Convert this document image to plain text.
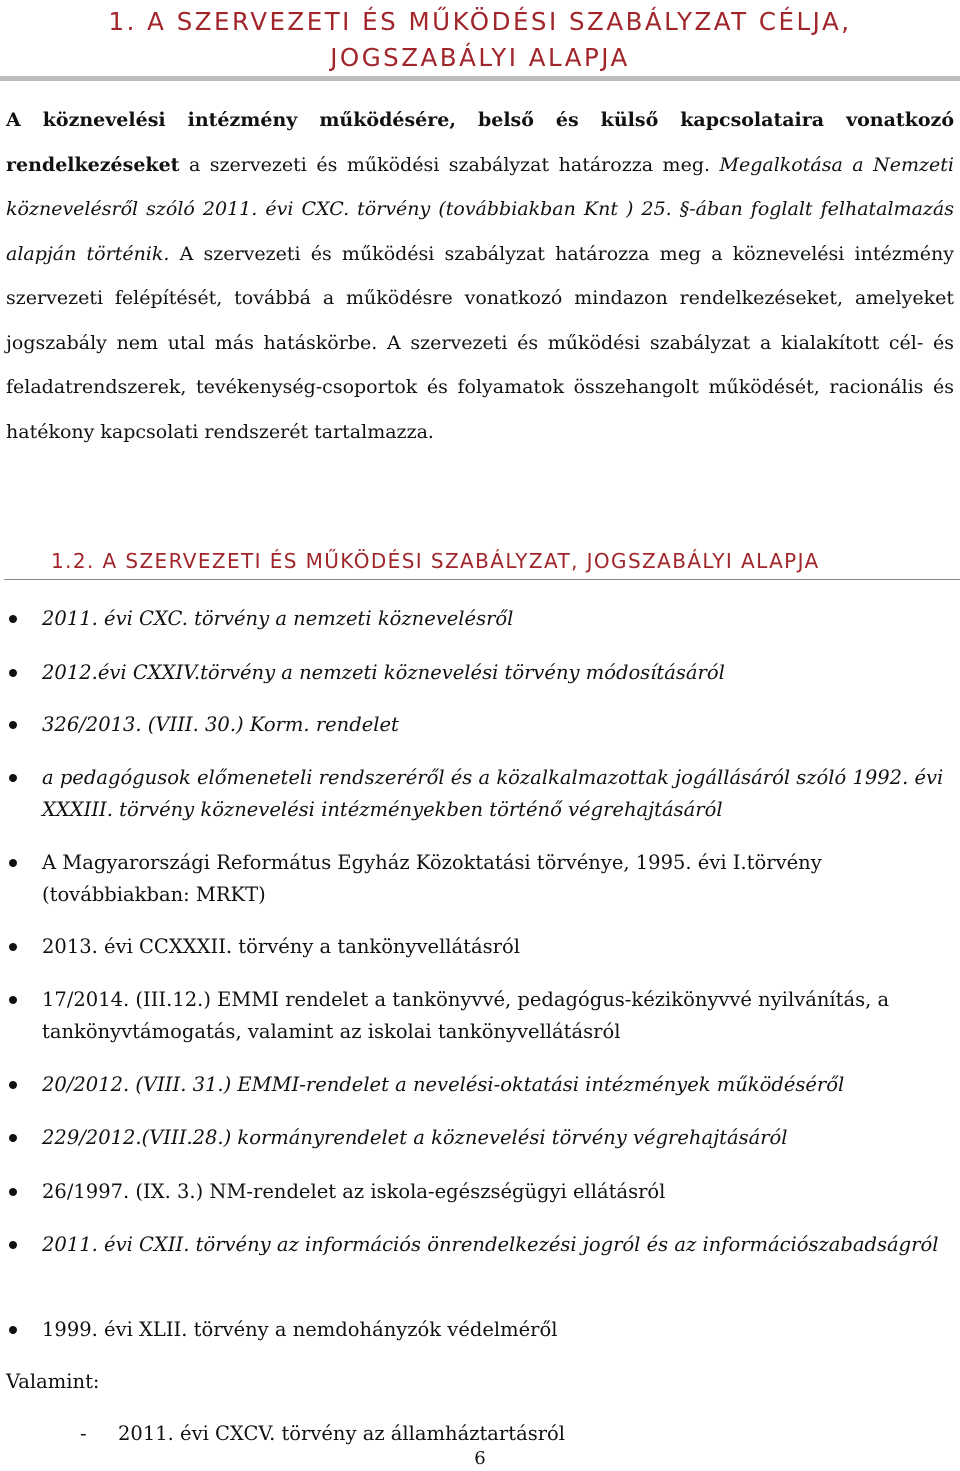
1. A SZERVEZETI ÉS MŰKÖDÉSI SZABÁLYZAT CÉLJA,
JOGSZABÁLYI ALAPJA

A köznevelési intézmény működésére, belső és külső kapcsolataira vonatkozó rendelkezéseket a szervezeti és működési szabályzat határozza meg. Megalkotása a Nemzeti köznevelésről szóló 2011. évi CXC. törvény (továbbiakban Knt ) 25. §-ában foglalt felhatalmazás alapján történik. A szervezeti és működési szabályzat határozza meg a köznevelési intézmény szervezeti felépítését, továbbá a működésre vonatkozó mindazon rendelkezéseket, amelyeket jogszabály nem utal más hatáskörbe. A szervezeti és működési szabályzat a kialakított cél- és feladatrendszerek, tevékenység-csoportok és folyamatok összehangolt működését, racionális és hatékony kapcsolati rendszerét tartalmazza.

1.2. A SZERVEZETI ÉS MŰKÖDÉSI SZABÁLYZAT, JOGSZABÁLYI ALAPJA
2011. évi CXC. törvény a nemzeti köznevelésről
2012.évi CXXIV.törvény a nemzeti köznevelési törvény módosításáról
326/2013. (VIII. 30.) Korm. rendelet
a pedagógusok előmeneteli rendszeréről és a közalkalmazottak jogállásáról szóló 1992. évi XXXIII. törvény köznevelési intézményekben történő végrehajtásáról
A Magyarországi Református Egyház Közoktatási törvénye, 1995. évi I.törvény (továbbiakban: MRKT)
2013. évi CCXXXII. törvény a tankönyvellátásról
17/2014. (III.12.) EMMI rendelet a tankönyvvé, pedagógus-kézikönyvvé nyilvánítás, a tankönyvtámogatás, valamint az iskolai tankönyvellátásról
20/2012. (VIII. 31.) EMMI-rendelet a nevelési-oktatási intézmények működéséről
229/2012.(VIII.28.) kormányrendelet a köznevelési törvény végrehajtásáról
26/1997. (IX. 3.) NM-rendelet az iskola-egészségügyi ellátásról
2011. évi CXII. törvény az információs önrendelkezési jogról és az információszabadságról
1999. évi XLII. törvény a nemdohányzók védelméről
Valamint:
- 2011. évi CXCV. törvény az államháztartásról
6
